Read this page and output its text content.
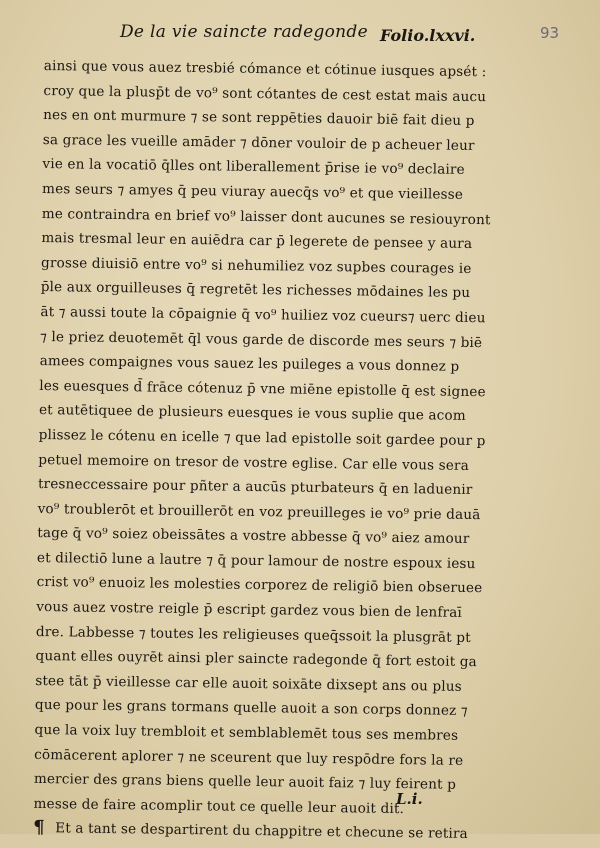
De la vie saincte radegonde Folio.lxxvi.	93
ainsi que vous auez tresbié cómance et cótinue iusques apsét :
croy que la plusp̄t de vo⁹ sont cótantes de cest estat mais aucu
nes en ont murmure ⁊ se sont reppēties dauoir biē fait dieu p
sa grace les vueille amāder ⁊ dōner vouloir de p acheuer leur
vie en la vocatiō q̄lles ont liberallement p̄rise ie vo⁹ declaire
mes seurs ⁊ amyes q̄ peu viuray auecq̄s vo⁹ et que vieillesse
me contraindra en brief vo⁹ laisser dont aucunes se resiouyront
mais tresmal leur en auiēdra car p̄ legerete de pensee y aura
grosse diuisiō entre vo⁹ si nehumiliez voz supbes courages ie
p̄le aux orguilleuses q̄ regretēt les richesses mōdaines les pu
āt ⁊ aussi toute la cōpaignie q̄ vo⁹ huiliez voz cueurs⁊ uerc dieu
⁊ le priez deuotemēt q̄l vous garde de discorde mes seurs ⁊ biē
amees compaignes vous sauez les puileges a vous donnez p
les euesques d̄ frāce cótenuz p̄ vne miēne epistolle q̄ est signee
et autētiquee de plusieurs euesques ie vous suplie que acom
plissez le cótenu en icelle ⁊ que lad epistolle soit gardee pour p
petuel memoire on tresor de vostre eglise. Car elle vous sera
tresneccessaire pour pñter a aucūs pturbateurs q̄ en laduenir
vo⁹ troublerōt et brouillerōt en voz preuilleges ie vo⁹ prie dauā
tage q̄ vo⁹ soiez obeissātes a vostre abbesse q̄ vo⁹ aiez amour
et dilectiō lune a lautre ⁊ q̄ pour lamour de nostre espoux iesu
crist vo⁹ enuoiz les molesties corporez de religiō bien obseruee
vous auez vostre reigle p̄ escript gardez vous bien de lenfraī
dre. Labbesse ⁊ toutes les religieuses queq̄ssoit la plusgrāt pt
quant elles ouyrēt ainsi pler saincte radegonde q̄ fort estoit ga
stee tāt p̄ vieillesse car elle auoit soixāte dixsept ans ou plus
que pour les grans tormans quelle auoit a son corps donnez ⁊
que la voix luy trembloit et semblablemēt tous ses membres
cōmācerent aplorer ⁊ ne sceurent que luy respōdre fors la re
mercier des grans biens quelle leur auoit faiz ⁊ luy feirent p
messe de faire acomplir tout ce quelle leur auoit dit.
¶ Et a tant se despartirent du chappitre et checune se retira
L.i.
